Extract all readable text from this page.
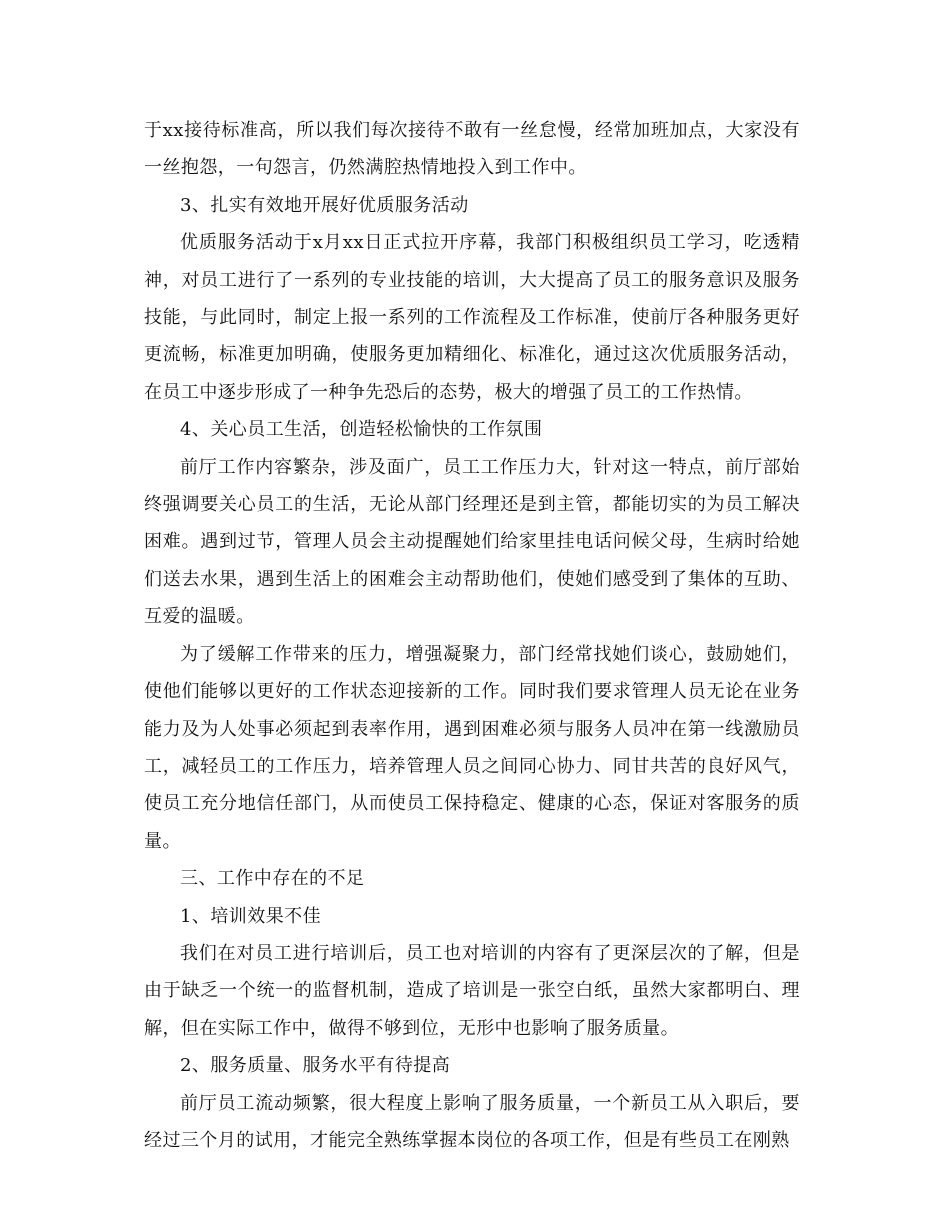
于xx接待标准高，所以我们每次接待不敢有一丝怠慢，经常加班加点，大家没有一丝抱怨，一句怨言，仍然满腔热情地投入到工作中。

3、扎实有效地开展好优质服务活动

优质服务活动于x月xx日正式拉开序幕，我部门积极组织员工学习，吃透精神，对员工进行了一系列的专业技能的培训，大大提高了员工的服务意识及服务技能，与此同时，制定上报一系列的工作流程及工作标准，使前厅各种服务更好更流畅，标准更加明确，使服务更加精细化、标准化，通过这次优质服务活动，在员工中逐步形成了一种争先恐后的态势，极大的增强了员工的工作热情。

4、关心员工生活，创造轻松愉快的工作氛围

前厅工作内容繁杂，涉及面广，员工工作压力大，针对这一特点，前厅部始终强调要关心员工的生活，无论从部门经理还是到主管，都能切实的为员工解决困难。遇到过节，管理人员会主动提醒她们给家里挂电话问候父母，生病时给她们送去水果，遇到生活上的困难会主动帮助他们，使她们感受到了集体的互助、互爱的温暖。

为了缓解工作带来的压力，增强凝聚力，部门经常找她们谈心，鼓励她们，使他们能够以更好的工作状态迎接新的工作。同时我们要求管理人员无论在业务能力及为人处事必须起到表率作用，遇到困难必须与服务人员冲在第一线激励员工，减轻员工的工作压力，培养管理人员之间同心协力、同甘共苦的良好风气，使员工充分地信任部门，从而使员工保持稳定、健康的心态，保证对客服务的质量。

三、工作中存在的不足

1、培训效果不佳

我们在对员工进行培训后，员工也对培训的内容有了更深层次的了解，但是由于缺乏一个统一的监督机制，造成了培训是一张空白纸，虽然大家都明白、理解，但在实际工作中，做得不够到位，无形中也影响了服务质量。

2、服务质量、服务水平有待提高

前厅员工流动频繁，很大程度上影响了服务质量，一个新员工从入职后，要经过三个月的试用，才能完全熟练掌握本岗位的各项工作，但是有些员工在刚熟
